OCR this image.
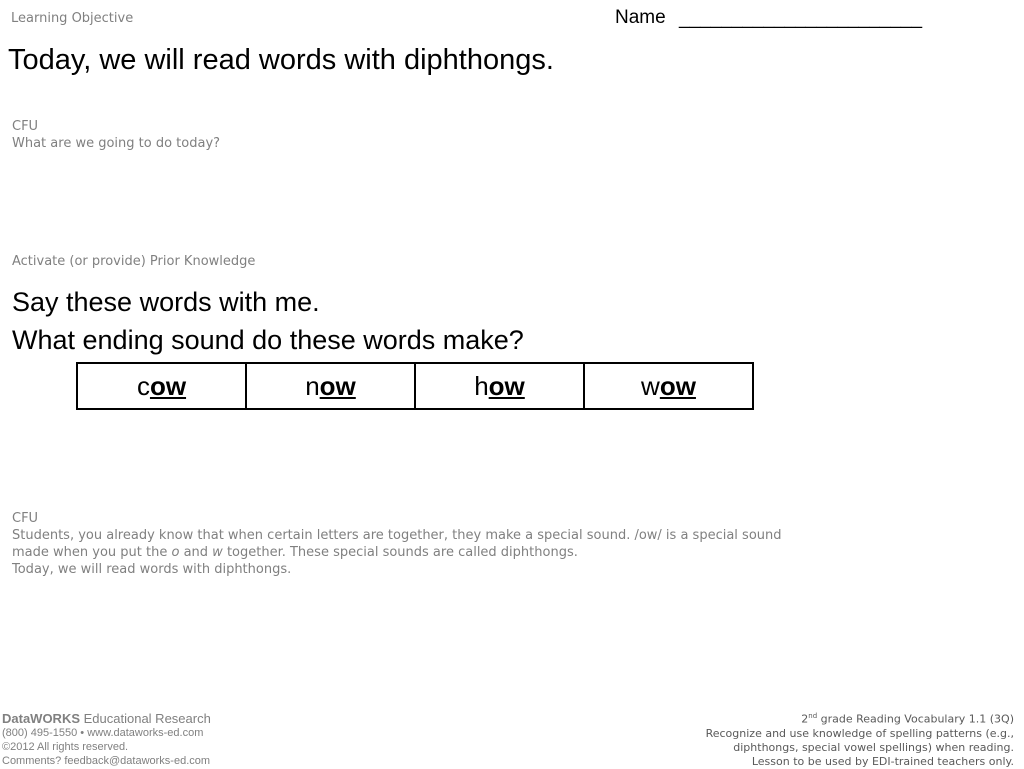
Learning Objective	Name _______________________
Today, we will read words with diphthongs.
CFU
What are we going to do today?
Activate (or provide) Prior Knowledge
Say these words with me.
What ending sound do these words make?
cow	now	how	wow
CFU
Students, you already know that when certain letters are together, they make a special sound. /ow/ is a special sound made when you put the o and w together. These special sounds are called diphthongs.
Today, we will read words with diphthongs.
DataWORKS Educational Research
(800) 495-1550 • www.dataworks-ed.com
©2012 All rights reserved.
Comments? feedback@dataworks-ed.com
2nd grade Reading Vocabulary 1.1 (3Q)
Recognize and use knowledge of spelling patterns (e.g.,
diphthongs, special vowel spellings) when reading.
Lesson to be used by EDI-trained teachers only.
